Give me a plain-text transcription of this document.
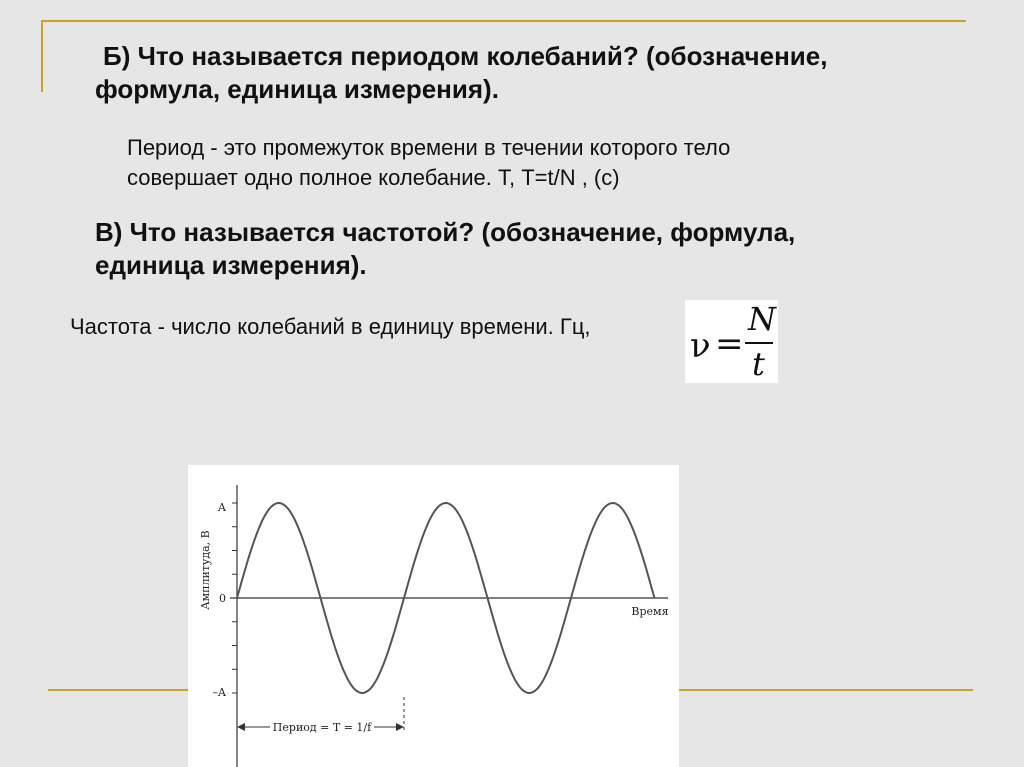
Б) Что называется периодом колебаний? (обозначение,
формула, единица измерения).
Период - это промежуток времени в течении которого тело
совершает одно полное колебание. Т, T=t/N , (с)
В) Что называется частотой? (обозначение, формула,
единица измерения).
Частота - число колебаний в единицу времени. Гц,	ν =
N
t
Амплитуда, В
Время
A
0
–A
Период = T = 1/f
